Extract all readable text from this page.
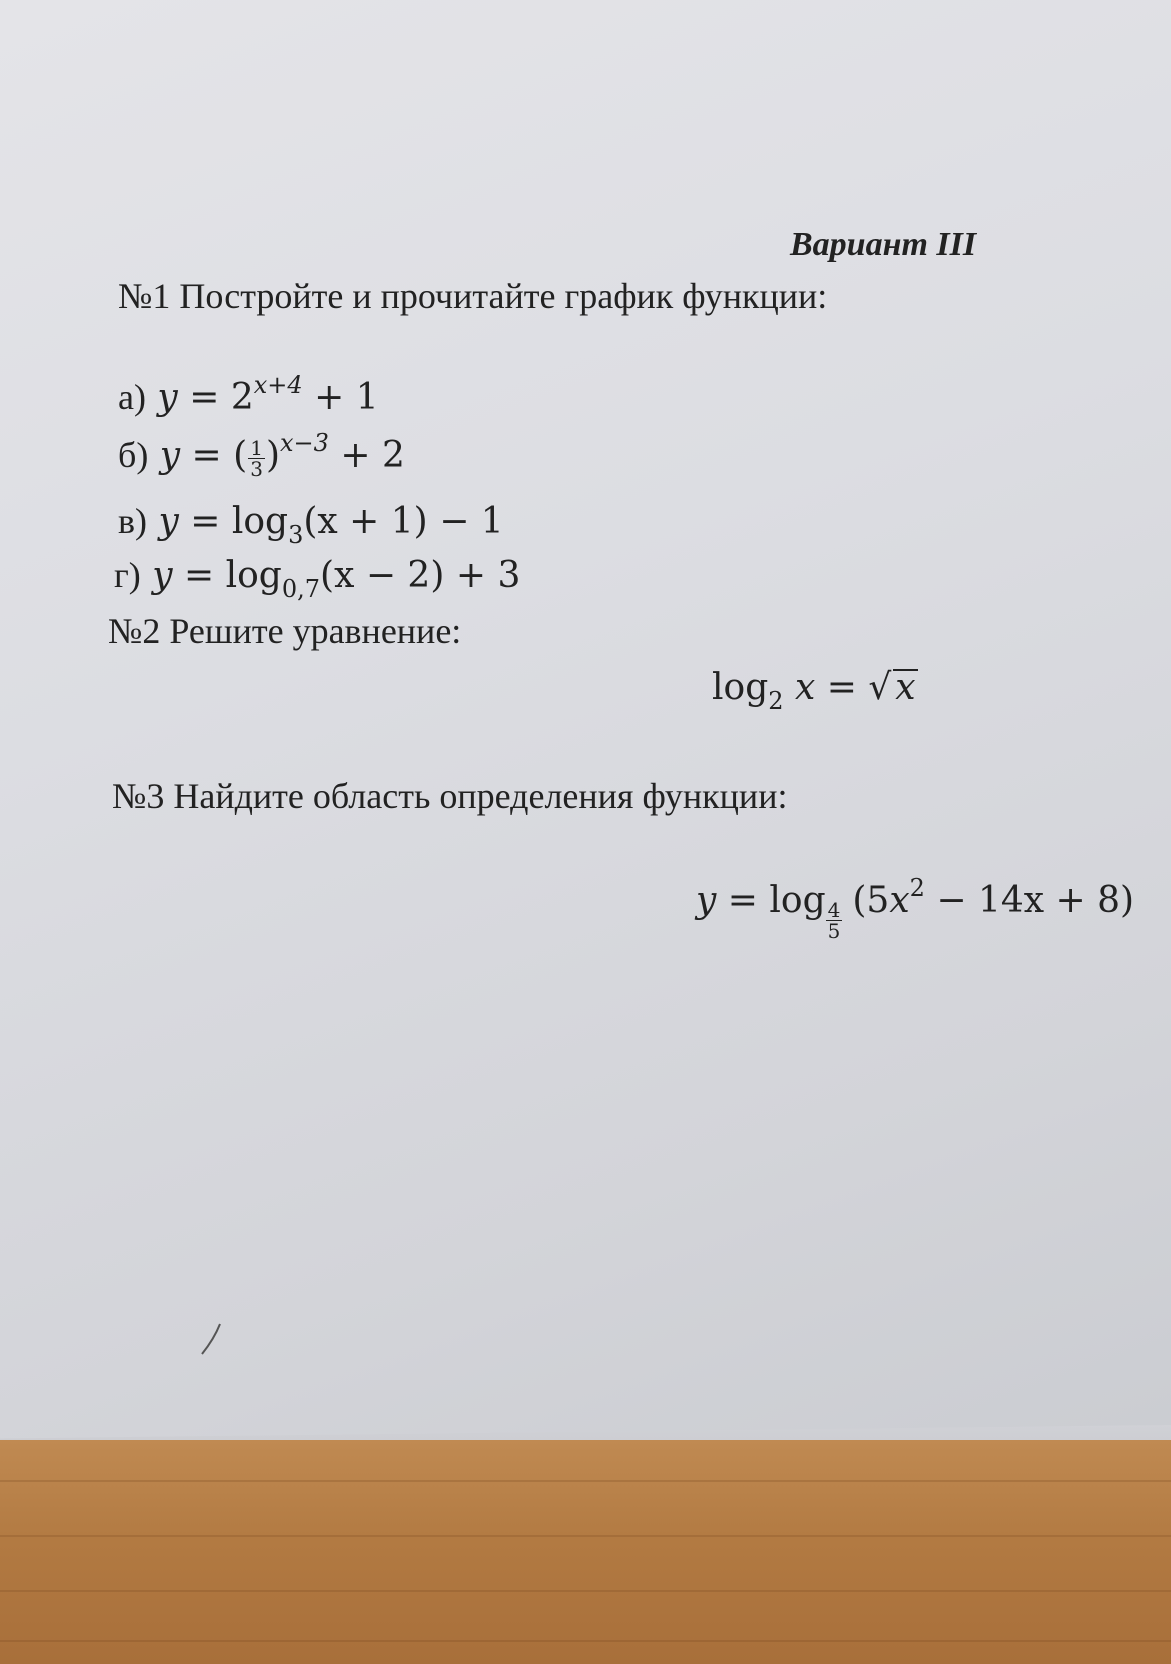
Вариант III
№1 Постройте и прочитайте график функции:
а) $y = 2^{x+4} + 1$
б) y = ( $\frac{1}{3} )^{x-3} + 2$
в) $y = \log_3(x + 1) - 1$
г) $y = \log_{0,7}(x - 2) + 3$
№2 Решите уравнение:
$\log_2 x$ = √ x
№3 Найдите область определения функции:
$y = \log \frac{4}{5} (5x^2 - 14x + 8)$
